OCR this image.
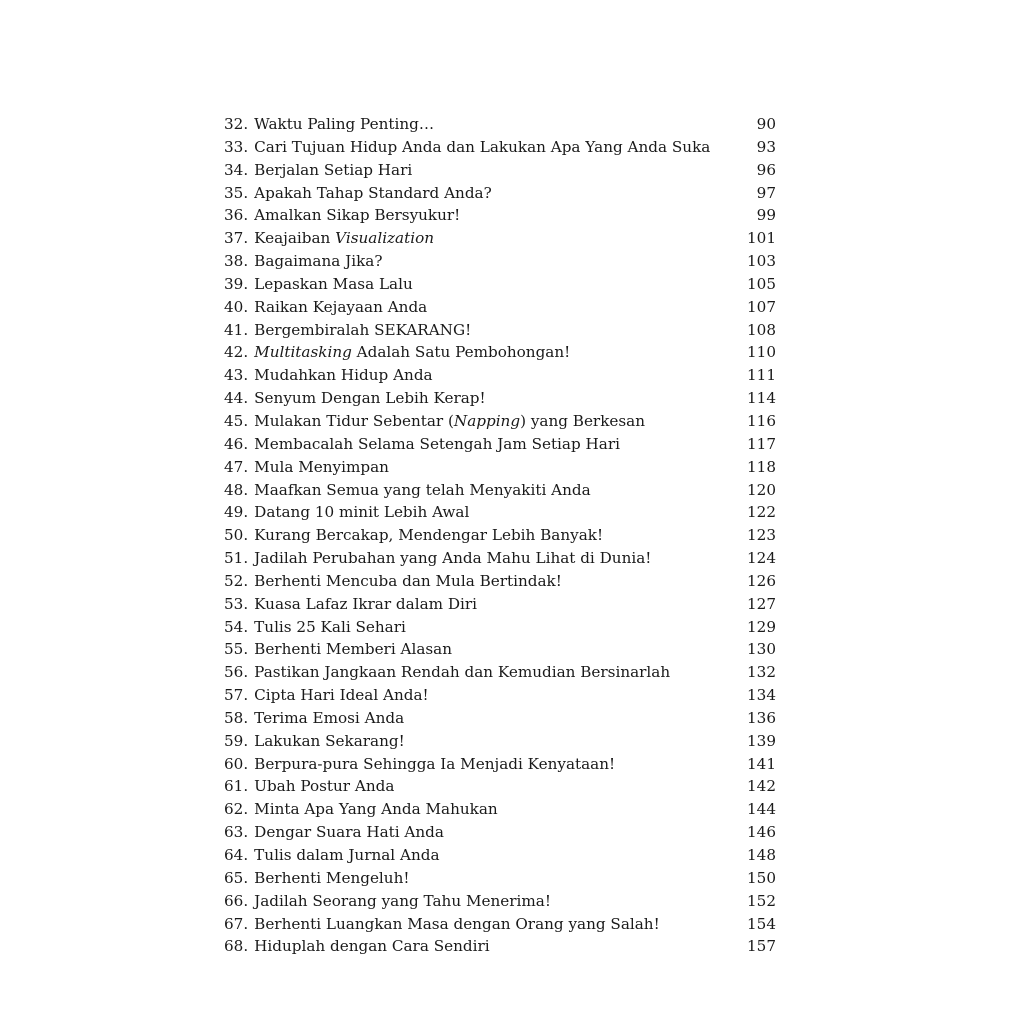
32. Waktu Paling Penting…	90
33. Cari Tujuan Hidup Anda dan Lakukan Apa Yang Anda Suka	93
34. Berjalan Setiap Hari	96
35. Apakah Tahap Standard Anda?	97
36. Amalkan Sikap Bersyukur!	99
37. Keajaiban Visualization	101
38. Bagaimana Jika?	103
39. Lepaskan Masa Lalu	105
40. Raikan Kejayaan Anda	107
41. Bergembiralah SEKARANG!	108
42. Multitasking Adalah Satu Pembohongan!	110
43. Mudahkan Hidup Anda	111
44. Senyum Dengan Lebih Kerap!	114
45. Mulakan Tidur Sebentar (Napping) yang Berkesan	116
46. Membacalah Selama Setengah Jam Setiap Hari	117
47. Mula Menyimpan	118
48. Maafkan Semua yang telah Menyakiti Anda	120
49. Datang 10 minit Lebih Awal	122
50. Kurang Bercakap, Mendengar Lebih Banyak!	123
51. Jadilah Perubahan yang Anda Mahu Lihat di Dunia!	124
52. Berhenti Mencuba dan Mula Bertindak!	126
53. Kuasa Lafaz Ikrar dalam Diri	127
54. Tulis 25 Kali Sehari	129
55. Berhenti Memberi Alasan	130
56. Pastikan Jangkaan Rendah dan Kemudian Bersinarlah	132
57. Cipta Hari Ideal Anda!	134
58. Terima Emosi Anda	136
59. Lakukan Sekarang!	139
60. Berpura-pura Sehingga Ia Menjadi Kenyataan!	141
61. Ubah Postur Anda	142
62. Minta Apa Yang Anda Mahukan	144
63. Dengar Suara Hati Anda	146
64. Tulis dalam Jurnal Anda	148
65. Berhenti Mengeluh!	150
66. Jadilah Seorang yang Tahu Menerima!	152
67. Berhenti Luangkan Masa dengan Orang yang Salah!	154
68. Hiduplah dengan Cara Sendiri	157
